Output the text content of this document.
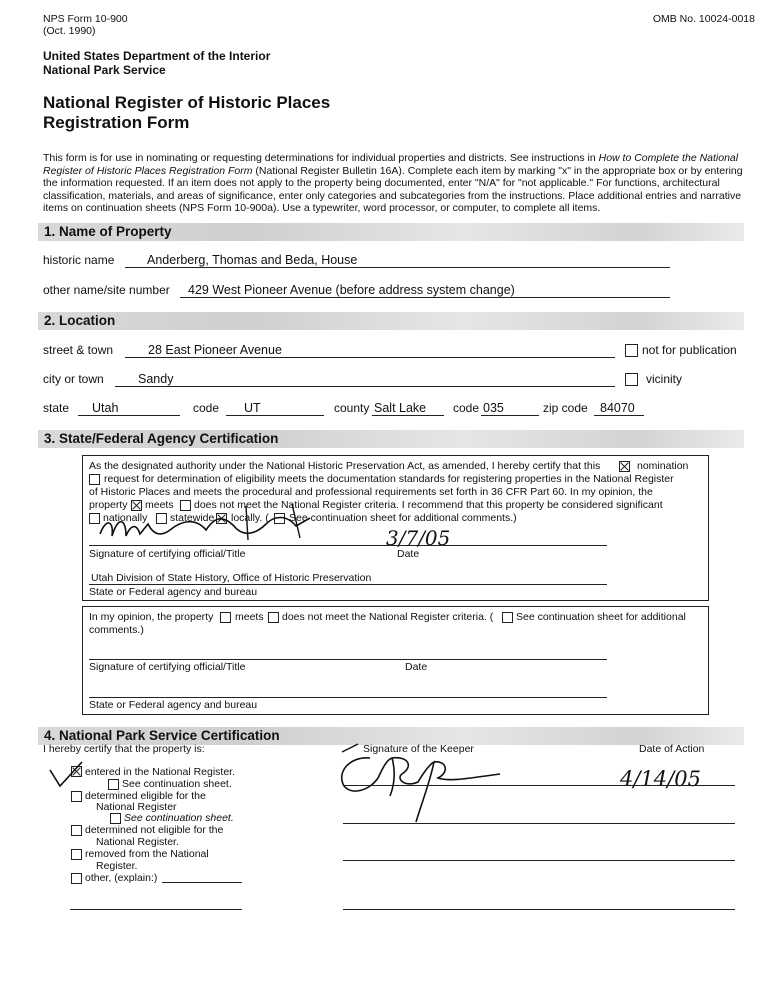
NPS Form 10-900
(Oct. 1990)
OMB No. 10024-0018
United States Department of the Interior
National Park Service
National Register of Historic Places
Registration Form
This form is for use in nominating or requesting determinations for individual properties and districts. See instructions in How to Complete the National Register of Historic Places Registration Form (National Register Bulletin 16A). Complete each item by marking "x" in the appropriate box or by entering the information requested. If an item does not apply to the property being documented, enter "N/A" for "not applicable." For functions, architectural classification, materials, and areas of significance, enter only categories and subcategories from the instructions. Place additional entries and narrative items on continuation sheets (NPS Form 10-900a). Use a typewriter, word processor, or computer, to complete all items.
1. Name of Property
historic name	Anderberg, Thomas and Beda, House
other name/site number 429 West Pioneer Avenue (before address system change)
2. Location
street & town	28 East Pioneer Avenue	not for publication
city or town	Sandy	vicinity
state Utah	code UT	county Salt Lake code 035	zip code 84070
3. State/Federal Agency Certification
As the designated authority under the National Historic Preservation Act, as amended, I hereby certify that this	nomination
request for determination of eligibility meets the documentation standards for registering properties in the National Register
of Historic Places and meets the procedural and professional requirements set forth in 36 CFR Part 60. In my opinion, the
property meets does not meet the National Register criteria. I recommend that this property be considered significant
nationally statewide locally. ( See continuation sheet for additional comments.)
3/7/05
Signature of certifying official/Title	Date
Utah Division of State History, Office of Historic Preservation
State or Federal agency and bureau
In my opinion, the property meets does not meet the National Register criteria. ( See continuation sheet for additional
comments.)
Signature of certifying official/Title	Date
State or Federal agency and bureau
4. National Park Service Certification
I hereby certify that the property is:	Signature of the Keeper	Date of Action
4/14/05
entered in the National Register.
See continuation sheet.
determined eligible for the
National Register
See continuation sheet.
determined not eligible for the
National Register.
removed from the National
Register.
other, (explain:)
